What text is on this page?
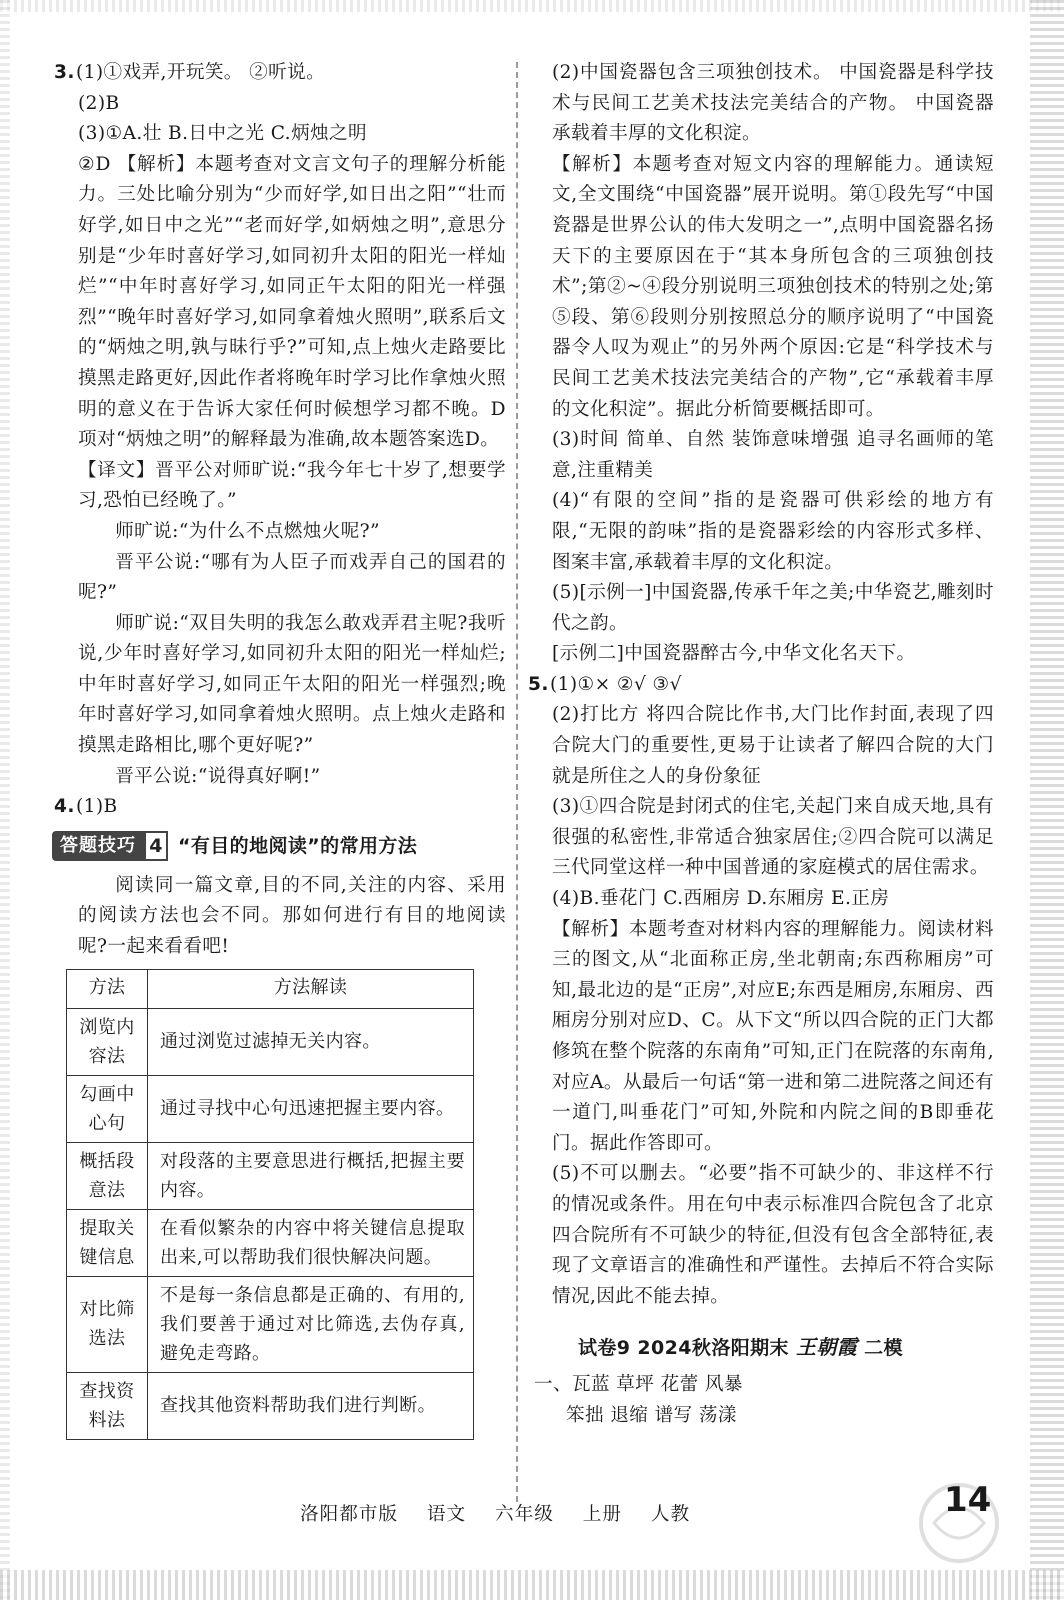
3.(1)①戏弄,开玩笑。 ②听说。

(2)B

(3)①A.壮 B.日中之光 C.炳烛之明

②D 【解析】本题考查对文言文句子的理解分析能力。三处比喻分别为“少而好学,如日出之阳”“壮而好学,如日中之光”“老而好学,如炳烛之明”,意思分别是“少年时喜好学习,如同初升太阳的阳光一样灿烂”“中年时喜好学习,如同正午太阳的阳光一样强烈”“晚年时喜好学习,如同拿着烛火照明”,联系后文的“炳烛之明,孰与昧行乎?”可知,点上烛火走路要比摸黑走路更好,因此作者将晚年时学习比作拿烛火照明的意义在于告诉大家任何时候想学习都不晚。D项对“炳烛之明”的解释最为准确,故本题答案选D。

【译文】晋平公对师旷说:“我今年七十岁了,想要学习,恐怕已经晚了。”

师旷说:“为什么不点燃烛火呢?”

晋平公说:“哪有为人臣子而戏弄自己的国君的呢?”

师旷说:“双目失明的我怎么敢戏弄君主呢?我听说,少年时喜好学习,如同初升太阳的阳光一样灿烂;中年时喜好学习,如同正午太阳的阳光一样强烈;晚年时喜好学习,如同拿着烛火照明。点上烛火走路和摸黑走路相比,哪个更好呢?”

晋平公说:“说得真好啊!”

4.(1)B

答题技巧 4 “有目的地阅读”的常用方法

阅读同一篇文章,目的不同,关注的内容、采用的阅读方法也会不同。那如何进行有目的地阅读呢?一起来看看吧!

方法	方法解读
浏览内容法	通过浏览过滤掉无关内容。
勾画中心句	通过寻找中心句迅速把握主要内容。
概括段意法	对段落的主要意思进行概括,把握主要内容。
提取关键信息	在看似繁杂的内容中将关键信息提取出来,可以帮助我们很快解决问题。
对比筛选法	不是每一条信息都是正确的、有用的,我们要善于通过对比筛选,去伪存真,避免走弯路。
查找资料法	查找其他资料帮助我们进行判断。

(2)中国瓷器包含三项独创技术。 中国瓷器是科学技术与民间工艺美术技法完美结合的产物。 中国瓷器承载着丰厚的文化积淀。

【解析】本题考查对短文内容的理解能力。通读短文,全文围绕“中国瓷器”展开说明。第①段先写“中国瓷器是世界公认的伟大发明之一”,点明中国瓷器名扬天下的主要原因在于“其本身所包含的三项独创技术”;第②~④段分别说明三项独创技术的特别之处;第⑤段、第⑥段则分别按照总分的顺序说明了“中国瓷器令人叹为观止”的另外两个原因:它是“科学技术与民间工艺美术技法完美结合的产物”,它“承载着丰厚的文化积淀”。据此分析简要概括即可。

(3)时间 简单、自然 装饰意味增强 追寻名画师的笔意,注重精美

(4)“有限的空间”指的是瓷器可供彩绘的地方有限,“无限的韵味”指的是瓷器彩绘的内容形式多样、图案丰富,承载着丰厚的文化积淀。

(5)[示例一]中国瓷器,传承千年之美;中华瓷艺,雕刻时代之韵。

[示例二]中国瓷器醉古今,中华文化名天下。

5.(1)①× ②√ ③√

(2)打比方 将四合院比作书,大门比作封面,表现了四合院大门的重要性,更易于让读者了解四合院的大门就是所住之人的身份象征

(3)①四合院是封闭式的住宅,关起门来自成天地,具有很强的私密性,非常适合独家居住;②四合院可以满足三代同堂这样一种中国普通的家庭模式的居住需求。

(4)B.垂花门 C.西厢房 D.东厢房 E.正房

【解析】本题考查对材料内容的理解能力。阅读材料三的图文,从“北面称正房,坐北朝南;东西称厢房”可知,最北边的是“正房”,对应E;东西是厢房,东厢房、西厢房分别对应D、C。从下文“所以四合院的正门大都修筑在整个院落的东南角”可知,正门在院落的东南角,对应A。从最后一句话“第一进和第二进院落之间还有一道门,叫垂花门”可知,外院和内院之间的B即垂花门。据此作答即可。

(5)不可以删去。“必要”指不可缺少的、非这样不行的情况或条件。用在句中表示标准四合院包含了北京四合院所有不可缺少的特征,但没有包含全部特征,表现了文章语言的准确性和严谨性。去掉后不符合实际情况,因此不能去掉。

试卷9 2024秋洛阳期末 王朝霞 二模

一、瓦蓝 草坪 花蕾 风暴

笨拙 退缩 谱写 荡漾

洛阳都市版 语文 六年级 上册 人教	14
